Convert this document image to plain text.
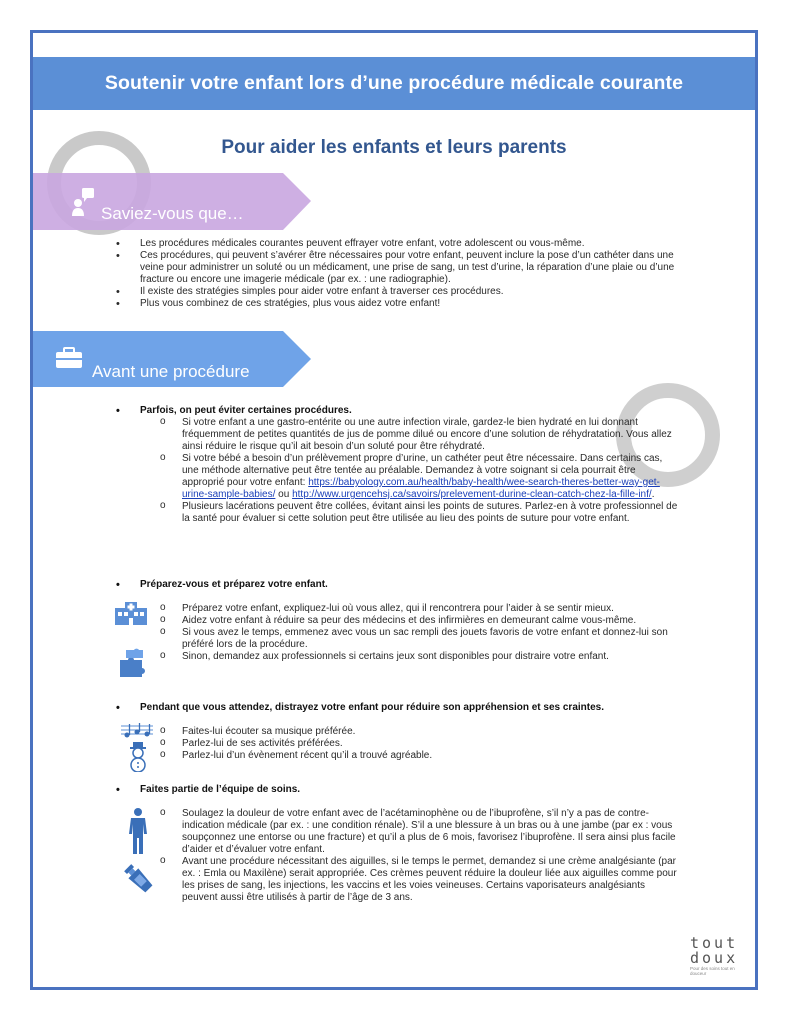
Soutenir votre enfant lors d’une procédure médicale courante
Pour aider les enfants et leurs parents
Saviez-vous que…
• Les procédures médicales courantes peuvent effrayer votre enfant, votre adolescent ou vous-même.
• Ces procédures, qui peuvent s’avérer être nécessaires pour votre enfant, peuvent inclure la pose d’un cathéter dans une veine pour administrer un soluté ou un médicament, une prise de sang, un test d’urine, la réparation d’une plaie ou d’une fracture ou encore une imagerie médicale (par ex. : une radiographie).
• Il existe des stratégies simples pour aider votre enfant à traverser ces procédures.
• Plus vous combinez de ces stratégies, plus vous aidez votre enfant!
Avant une procédure
• Parfois, on peut éviter certaines procédures.
o Si votre enfant a une gastro-entérite ou une autre infection virale, gardez-le bien hydraté en lui donnant fréquemment de petites quantités de jus de pomme dilué ou encore d’une solution de réhydratation. Vous allez ainsi réduire le risque qu’il ait besoin d’un soluté pour être réhydraté.
o Si votre bébé a besoin d’un prélèvement propre d’urine, un cathéter peut être nécessaire. Dans certains cas, une méthode alternative peut être tentée au préalable. Demandez à votre soignant si cela pourrait être approprié pour votre enfant: https://babyology.com.au/health/baby-health/wee-search-theres-better-way-get-urine-sample-babies/ ou http://www.urgencehsj.ca/savoirs/prelevement-durine-clean-catch-chez-la-fille-inf/.
o Plusieurs lacérations peuvent être collées, évitant ainsi les points de sutures. Parlez-en à votre professionnel de la santé pour évaluer si cette solution peut être utilisée au lieu des points de suture pour votre enfant.
• Préparez-vous et préparez votre enfant.
o Préparez votre enfant, expliquez-lui où vous allez, qui il rencontrera pour l’aider à se sentir mieux.
o Aidez votre enfant à réduire sa peur des médecins et des infirmières en demeurant calme vous-même.
o Si vous avez le temps, emmenez avec vous un sac rempli des jouets favoris de votre enfant et donnez-lui son préféré lors de la procédure.
o Sinon, demandez aux professionnels si certains jeux sont disponibles pour distraire votre enfant.
• Pendant que vous attendez, distrayez votre enfant pour réduire son appréhension et ses craintes.
o Faites-lui écouter sa musique préférée.
o Parlez-lui de ses activités préférées.
o Parlez-lui d’un évènement récent qu’il a trouvé agréable.
• Faites partie de l’équipe de soins.
o Soulagez la douleur de votre enfant avec de l’acétaminophène ou de l’ibuprofène, s’il n’y a pas de contre-indication médicale (par ex. : une condition rénale). S’il a une blessure à un bras ou à une jambe (par ex : vous soupçonnez une entorse ou une fracture) et qu’il a plus de 6 mois, favorisez l’ibuprofène. Il sera ainsi plus facile d’aider et d’évaluer votre enfant.
o Avant une procédure nécessitant des aiguilles, si le temps le permet, demandez si une crème analgésiante (par ex. : Emla ou Maxilène) serait appropriée. Ces crèmes peuvent réduire la douleur liée aux aiguilles comme pour les prises de sang, les injections, les vaccins et les voies veineuses. Certains vaporisateurs analgésiants peuvent aussi être utilisés à partir de l’âge de 3 ans.
tout
doux
Pour des soins tout en douceur
